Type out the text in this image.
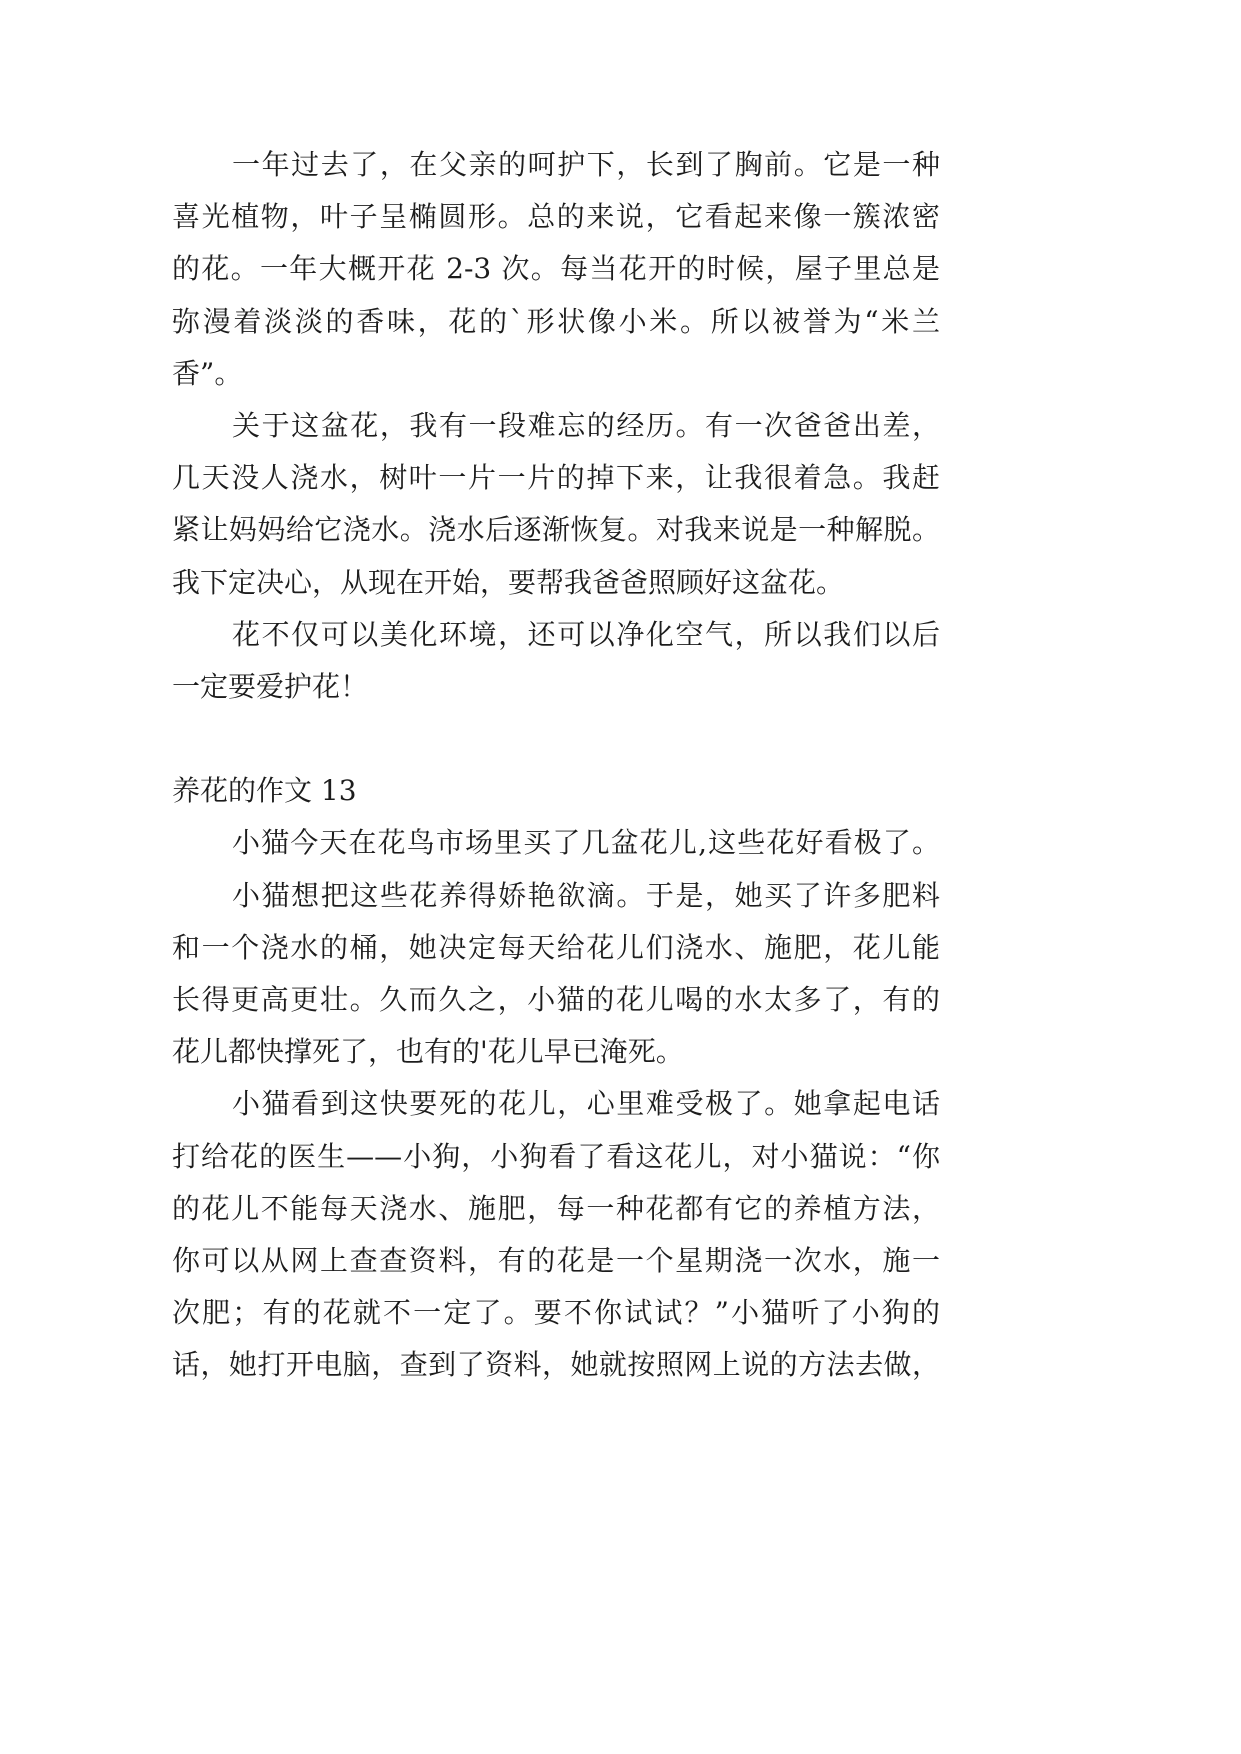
一年过去了，在父亲的呵护下，长到了胸前。它是一种
喜光植物，叶子呈椭圆形。总的来说，它看起来像一簇浓密
的花。一年大概开花 2-3 次。每当花开的时候，屋子里总是
弥漫着淡淡的香味，花的`形状像小米。所以被誉为“米兰
香”。
关于这盆花，我有一段难忘的经历。有一次爸爸出差，
几天没人浇水，树叶一片一片的掉下来，让我很着急。我赶
紧让妈妈给它浇水。浇水后逐渐恢复。对我来说是一种解脱。
我下定决心，从现在开始，要帮我爸爸照顾好这盆花。
花不仅可以美化环境，还可以净化空气，所以我们以后
一定要爱护花！
养花的作文 13
小猫今天在花鸟市场里买了几盆花儿,这些花好看极了。
小猫想把这些花养得娇艳欲滴。于是，她买了许多肥料
和一个浇水的桶，她决定每天给花儿们浇水、施肥，花儿能
长得更高更壮。久而久之，小猫的花儿喝的水太多了，有的
花儿都快撑死了，也有的'花儿早已淹死。
小猫看到这快要死的花儿，心里难受极了。她拿起电话
打给花的医生——小狗，小狗看了看这花儿，对小猫说：“你
的花儿不能每天浇水、施肥，每一种花都有它的养植方法，
你可以从网上查查资料，有的花是一个星期浇一次水，施一
次肥；有的花就不一定了。要不你试试？”小猫听了小狗的
话，她打开电脑，查到了资料，她就按照网上说的方法去做，
